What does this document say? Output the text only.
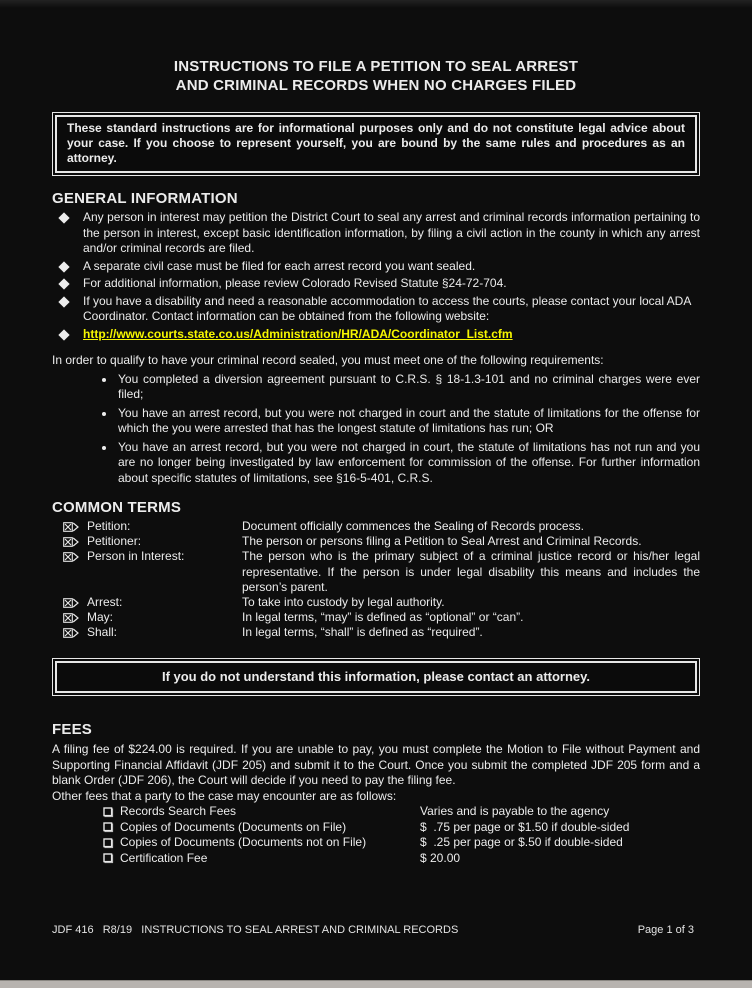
INSTRUCTIONS TO FILE A PETITION TO SEAL ARREST
AND CRIMINAL RECORDS WHEN NO CHARGES FILED

These standard instructions are for informational purposes only and do not constitute legal advice about your case. If you choose to represent yourself, you are bound by the same rules and procedures as an attorney.

GENERAL INFORMATION

Any person in interest may petition the District Court to seal any arrest and criminal records information pertaining to the person in interest, except basic identification information, by filing a civil action in the county in which any arrest and/or criminal records are filed.

A separate civil case must be filed for each arrest record you want sealed.

For additional information, please review Colorado Revised Statute §24-72-704.

If you have a disability and need a reasonable accommodation to access the courts, please contact your local ADA Coordinator. Contact information can be obtained from the following website:

http://www.courts.state.co.us/Administration/HR/ADA/Coordinator_List.cfm

In order to qualify to have your criminal record sealed, you must meet one of the following requirements:

You completed a diversion agreement pursuant to C.R.S. § 18-1.3-101 and no criminal charges were ever filed;

You have an arrest record, but you were not charged in court and the statute of limitations for the offense for which the you were arrested that has the longest statute of limitations has run; OR

You have an arrest record, but you were not charged in court, the statute of limitations has not run and you are no longer being investigated by law enforcement for commission of the offense. For further information about specific statutes of limitations, see §16-5-401, C.R.S.

COMMON TERMS
Petition:	Document officially commences the Sealing of Records process.

Petitioner:	The person or persons filing a Petition to Seal Arrest and Criminal Records.

Person in Interest:	The person who is the primary subject of a criminal justice record or his/her legal representative. If the person is under legal disability this means and includes the person’s parent.

Arrest:	To take into custody by legal authority.

May:	In legal terms, “may” is defined as “optional” or “can”.

Shall:	In legal terms, “shall” is defined as “required”.

If you do not understand this information, please contact an attorney.
FEES

A filing fee of $224.00 is required. If you are unable to pay, you must complete the Motion to File without Payment and Supporting Financial Affidavit (JDF 205) and submit it to the Court. Once you submit the completed JDF 205 form and a blank Order (JDF 206), the Court will decide if you need to pay the filing fee.

Other fees that a party to the case may encounter are as follows:

Records Search Fees	Varies and is payable to the agency
Copies of Documents (Documents on File)	$  .75 per page or $1.50 if double-sided
Copies of Documents (Documents not on File)	$  .25 per page or $.50 if double-sided
Certification Fee	$ 20.00
JDF 416   R8/19   INSTRUCTIONS TO SEAL ARREST AND CRIMINAL RECORDS	Page 1 of 3
